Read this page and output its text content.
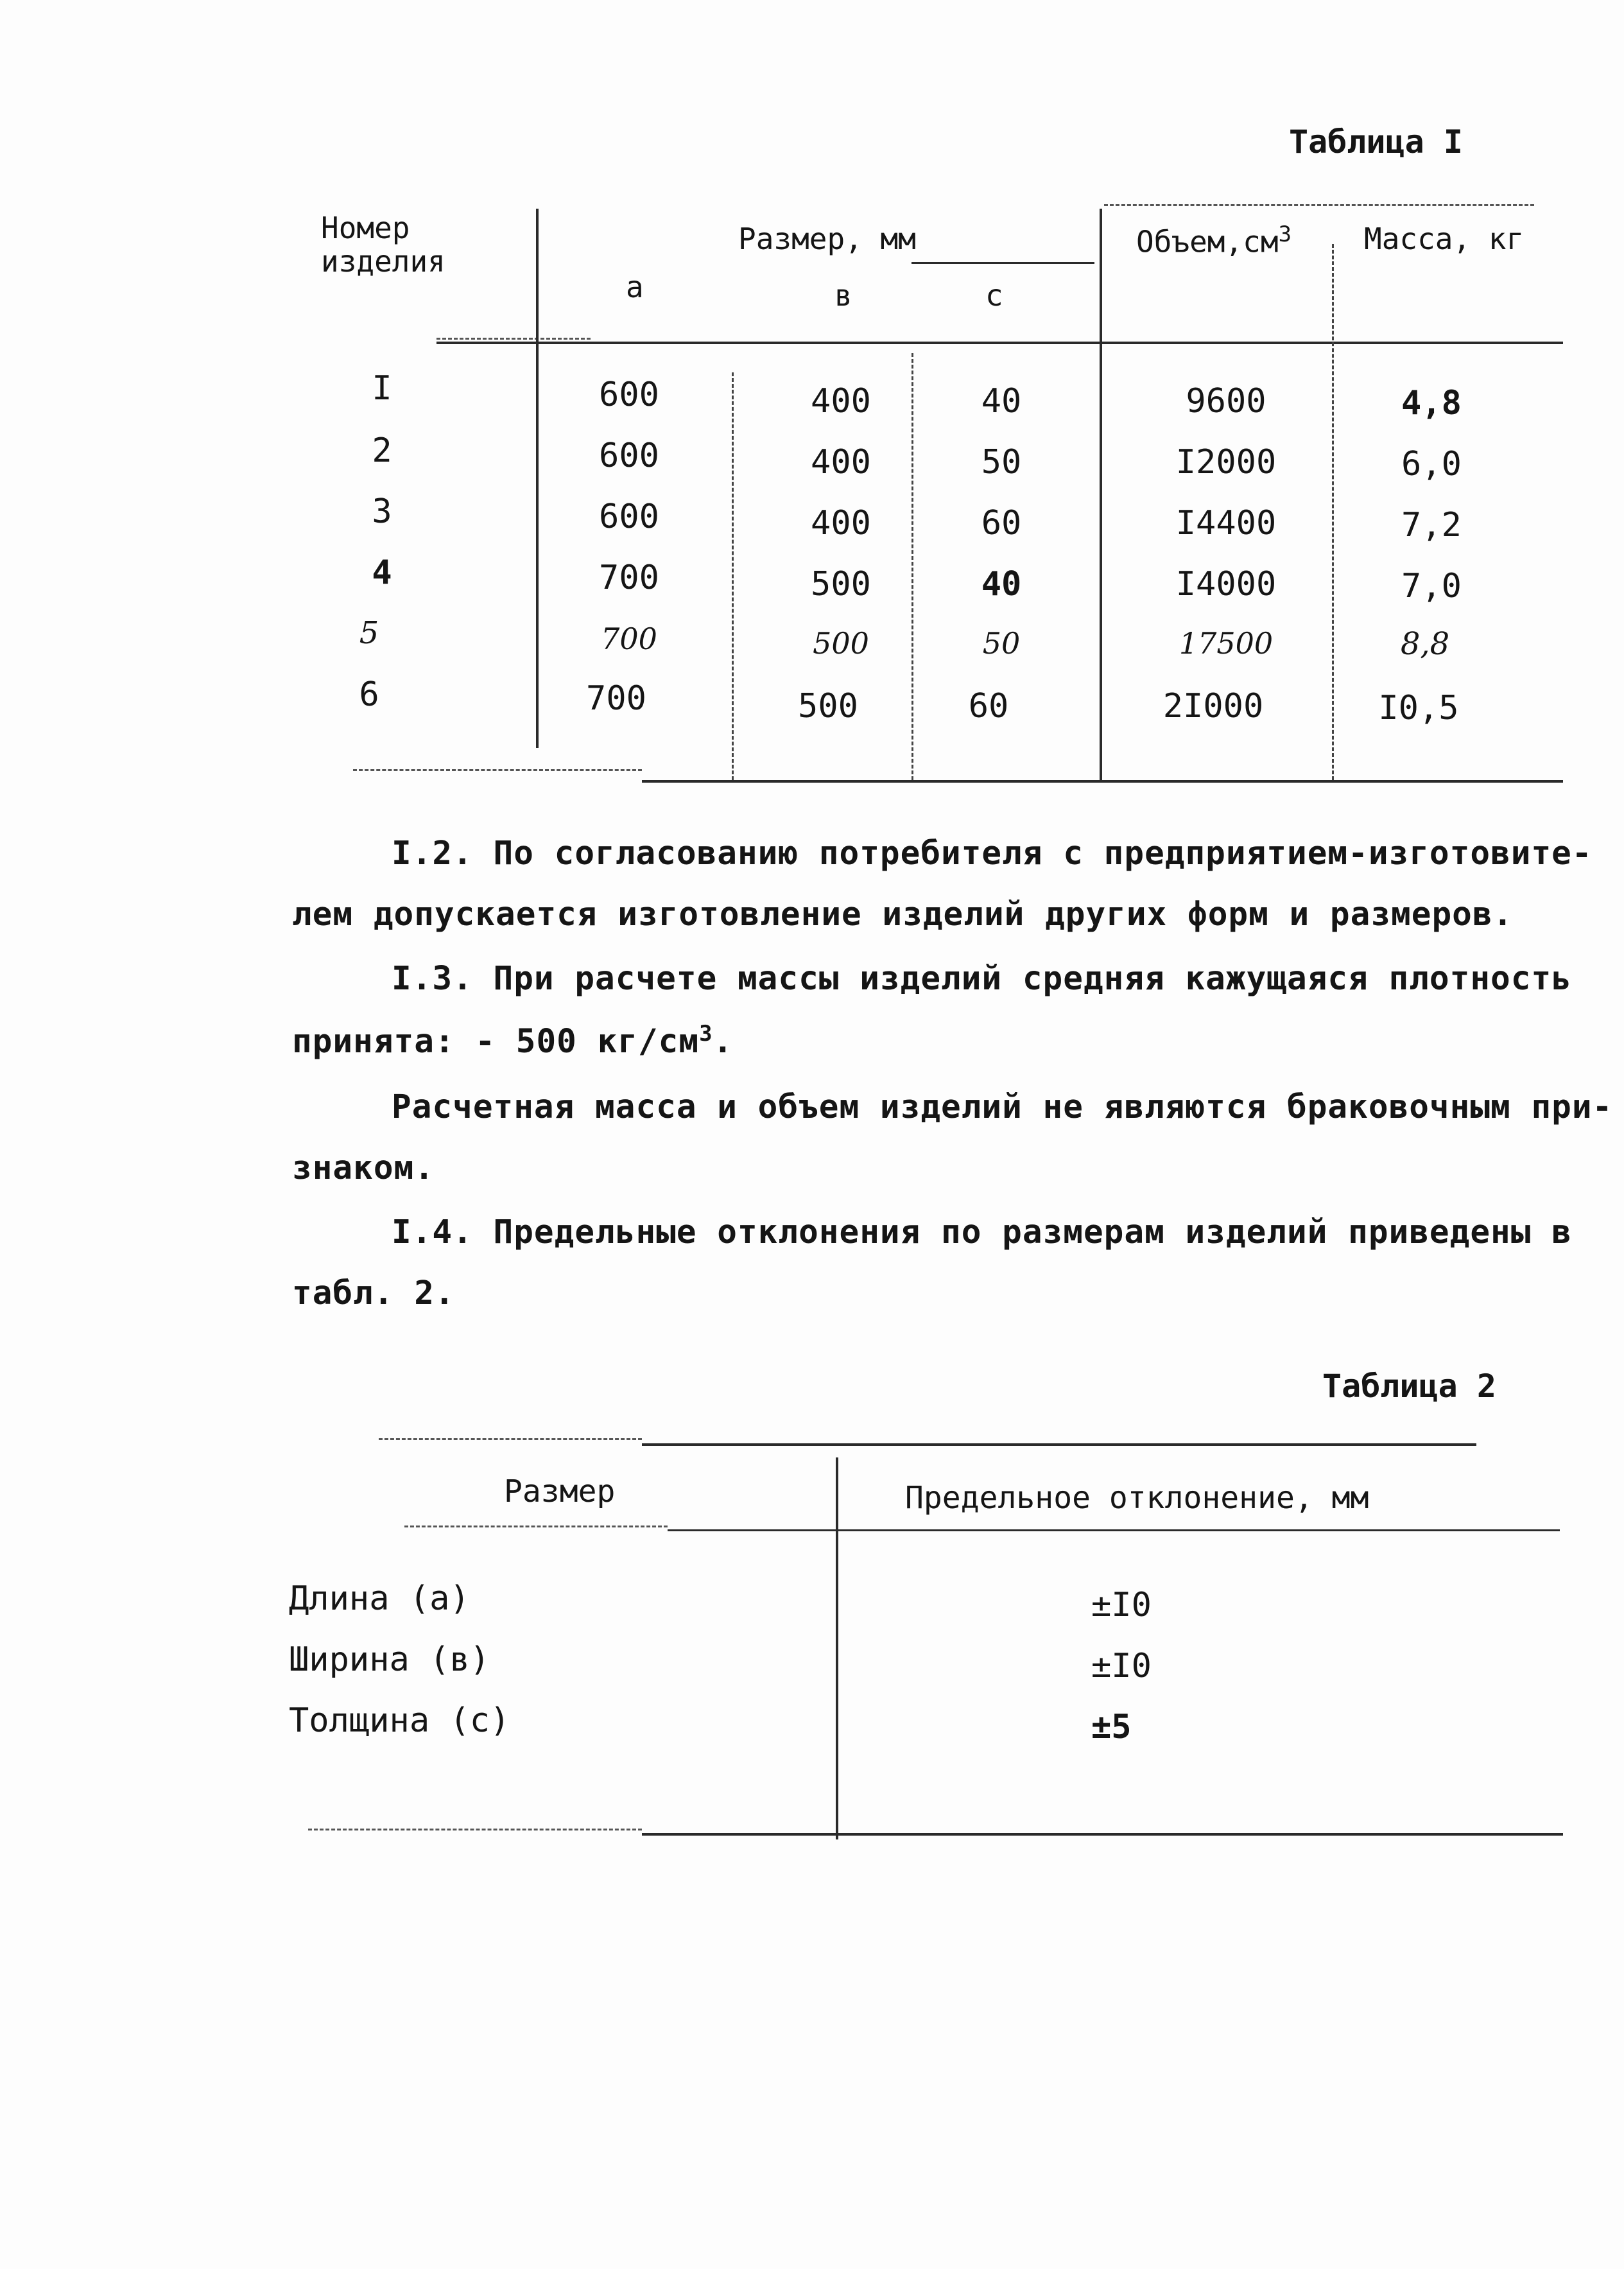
Таблица I
Номер
изделия
Размер, мм
а	в	с
$Объем,см^3$ Масса, кг
I	600	400	40	9600	4,8
2	600	400	50	I2000	6,0
3	600	400	60	I4400	7,2
4	700	500	40	I4000	7,0
5	700	500	50	17500	8,8
6	700	500	60	2I000	I0,5
I.2. По согласованию потребителя с предприятием-изготовите-
лем допускается изготовление изделий других форм и размеров.
I.3. При расчете массы изделий средняя кажущаяся плотность
принята: - 500 $кг/см^3$.
Расчетная масса и объем изделий не являются браковочным при-
знаком.
I.4. Предельные отклонения по размерам изделий приведены в
табл. 2.
Таблица 2
Размер	Предельное отклонение, мм
Длина (а)	±I0
Ширина (в)	±I0
Толщина (с)	±5
